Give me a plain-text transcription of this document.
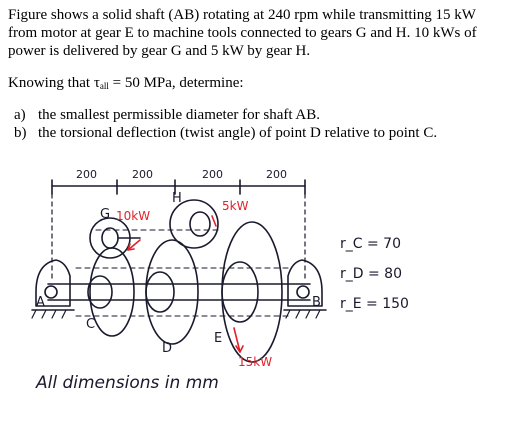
Figure shows a solid shaft (AB) rotating at 240 rpm while transmitting 15 kW
from motor at gear E to machine tools connected to gears G and H. 10 kWs of
power is delivered by gear G and 5 kW by gear H.
Knowing that $\tau_{all} = 50$ MPa, determine:
a) the smallest permissible diameter for shaft AB.
b) the torsional deflection (twist angle) of point D relative to point C.
200	200	200	200
H
G 10kW
5kW
15kW
A	B
C
D
E
r_C = 70
r_D = 80
r_E = 150
All dimensions in mm
